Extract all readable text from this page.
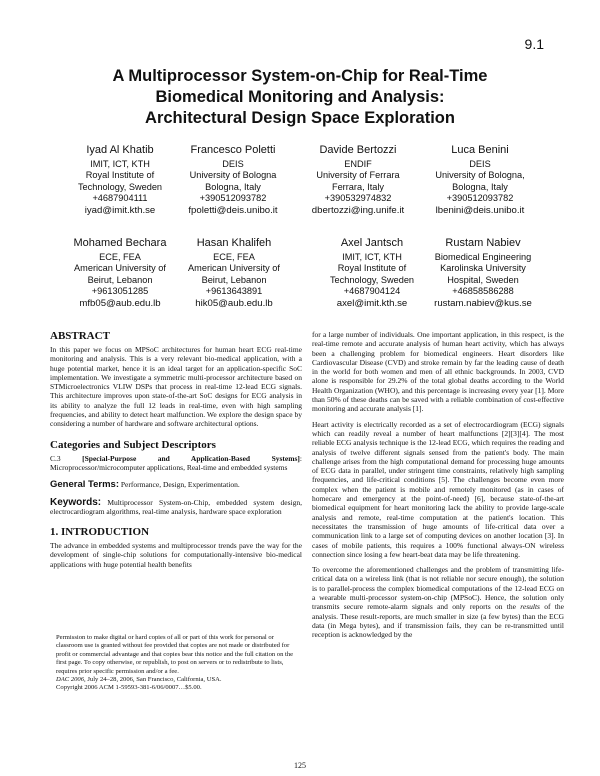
9.1
A Multiprocessor System-on-Chip for Real-Time
Biomedical Monitoring and Analysis:
Architectural Design Space Exploration
Iyad Al Khatib
IMIT, ICT, KTH
Royal Institute of
Technology, Sweden
+4687904111
iyad@imit.kth.se
Francesco Poletti
DEIS
University of Bologna
Bologna, Italy
+390512093782
fpoletti@deis.unibo.it
Davide Bertozzi
ENDIF
University of Ferrara
Ferrara, Italy
+390532974832
dbertozzi@ing.unife.it
Luca Benini
DEIS
University of Bologna,
Bologna, Italy
+390512093782
lbenini@deis.unibo.it
Mohamed Bechara
ECE, FEA
American University of
Beirut, Lebanon
+9613051285
mfb05@aub.edu.lb
Hasan Khalifeh
ECE, FEA
American University of
Beirut, Lebanon
+9613643891
hik05@aub.edu.lb
Axel Jantsch
IMIT, ICT, KTH
Royal Institute of
Technology, Sweden
+4687904124
axel@imit.kth.se
Rustam Nabiev
Biomedical Engineering
Karolinska University
Hospital, Sweden
+46858586288
rustam.nabiev@kus.se
ABSTRACT

In this paper we focus on MPSoC architectures for human heart ECG real-time monitoring and analysis. This is a very relevant bio-medical application, with a huge potential market, hence it is an ideal target for an application-specific SoC implementation. We investigate a symmetric multi-processor architecture based on STMicroelectronics VLIW DSPs that process in real-time 12-lead ECG signals. This architecture improves upon state-of-the-art SoC designs for ECG analysis in its ability to analyze the full 12 leads in real-time, even with high sampling frequencies, and ability to detect heart malfunction. We explore the design space by considering a number of hardware and software architectural options.

Categories and Subject Descriptors

C.3	[Special-Purpose and Application-Based Systems]: Microprocessor/microcomputer applications, Real-time and embedded systems

General Terms: Performance, Design, Experimentation.

Keywords: Multiprocessor System-on-Chip, embedded system design, electrocardiogram algorithms, real-time analysis, hardware space exploration

1. INTRODUCTION

The advance in embedded systems and multiprocessor trends pave the way for the development of single-chip solutions for computationally-intensive bio-medical applications with huge potential health benefits

Permission to make digital or hard copies of all or part of this work for personal or classroom use is granted without fee provided that copies are not made or distributed for profit or commercial advantage and that copies bear this notice and the full citation on the first page. To copy otherwise, or republish, to post on servers or to redistribute to lists, requires prior specific permission and/or a fee.

DAC 2006, July 24–28, 2006, San Francisco, California, USA.
Copyright 2006 ACM 1-59593-381-6/06/0007…$5.00.

for a large number of individuals. One important application, in this respect, is the real-time remote and accurate analysis of human heart activity, which has always been a challenging problem for biomedical engineers. Heart disorders like Cardiovascular Disease (CVD) and stroke remain by far the leading cause of death in the world for both women and men of all ethnic backgrounds. In 2003, CVD alone is responsible for 29.2% of the total global deaths according to the World Health Organization (WHO), and this percentage is increasing every year [1]. More than 50% of these deaths can be saved with a reliable combination of cost-effective monitoring and accurate analysis [1].

Heart activity is electrically recorded as a set of electrocardiogram (ECG) signals which can readily reveal a number of heart malfunctions [2][3][4]. The most reliable ECG analysis technique is the 12-lead ECG, which requires the reading and analysis of twelve different signals sensed from the patient's body. The main challenge arises from the high computational demand for processing huge amounts of ECG data in parallel, under stringent time constraints, relatively high sampling frequencies, and life-critical conditions [5]. The challenges become even more complex when the patient is mobile and remotely monitored (as in cases of homecare and emergency at the point-of-need) [6], because state-of-the-art biomedical equipment for heart monitoring lack the ability to provide large-scale analysis and remote, real-time computation at the patient's location. This necessitates the transmission of huge amounts of life-critical data over a communication link to a large set of computing devices on another location [3]. In cases of mobile patients, this requires a 100% functional always-ON wireless connection since losing a few heart-beat data may be life threatening.

To overcome the aforementioned challenges and the problem of transmitting life-critical data on a wireless link (that is not reliable nor secure enough), the solution is to parallel-process the complex biomedical computations of the 12-lead ECG on a wearable multi-processor system-on-chip (MPSoC). Hence, the solution only transmits secure remote-alarm signals and only reports on the results of the analysis. These result-reports, are much smaller in size (a few bytes) than the ECG data (in Mega bytes), and if transmission fails, they can be re-transmitted until reception is acknowledged by the

125
